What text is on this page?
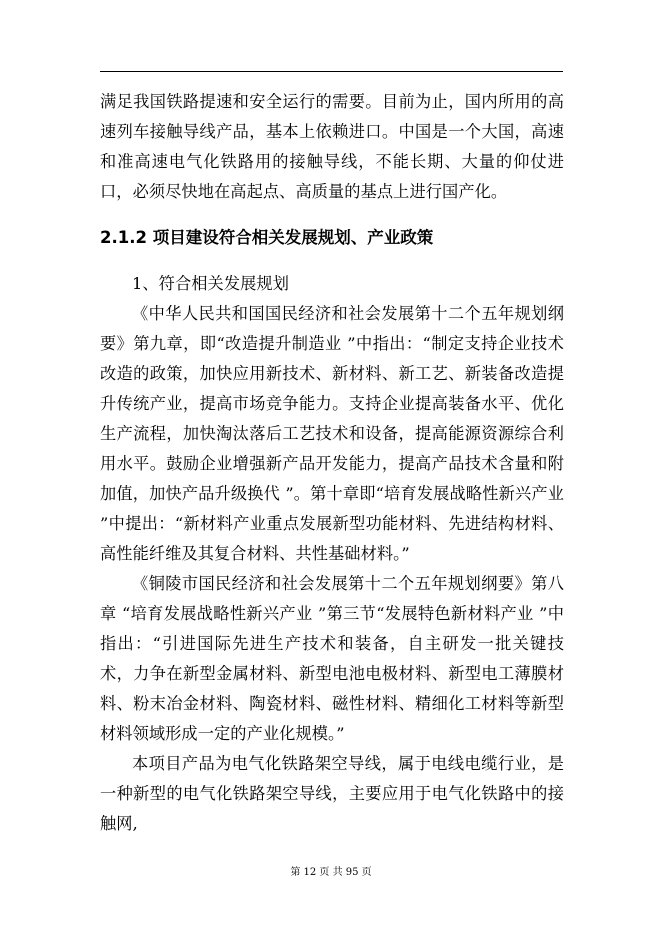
满足我国铁路提速和安全运行的需要。目前为止，国内所用的高速列车接触导线产品，基本上依赖进口。中国是一个大国，高速和准高速电气化铁路用的接触导线，不能长期、大量的仰仗进口，必须尽快地在高起点、高质量的基点上进行国产化。

2.1.2 项目建设符合相关发展规划、产业政策

1、符合相关发展规划

《中华人民共和国国民经济和社会发展第十二个五年规划纲要》第九章，即“改造提升制造业 ”中指出：“制定支持企业技术改造的政策，加快应用新技术、新材料、新工艺、新装备改造提升传统产业，提高市场竞争能力。支持企业提高装备水平、优化生产流程，加快淘汰落后工艺技术和设备，提高能源资源综合利用水平。鼓励企业增强新产品开发能力，提高产品技术含量和附加值，加快产品升级换代 ”。第十章即“培育发展战略性新兴产业 ”中提出：“新材料产业重点发展新型功能材料、先进结构材料、高性能纤维及其复合材料、共性基础材料。”

《铜陵市国民经济和社会发展第十二个五年规划纲要》第八章 “培育发展战略性新兴产业 ”第三节“发展特色新材料产业 ”中指出：“引进国际先进生产技术和装备，自主研发一批关键技术，力争在新型金属材料、新型电池电极材料、新型电工薄膜材料、粉末冶金材料、陶瓷材料、磁性材料、精细化工材料等新型材料领域形成一定的产业化规模。”

本项目产品为电气化铁路架空导线，属于电线电缆行业，是一种新型的电气化铁路架空导线，主要应用于电气化铁路中的接触网,

第 12 页 共 95 页
